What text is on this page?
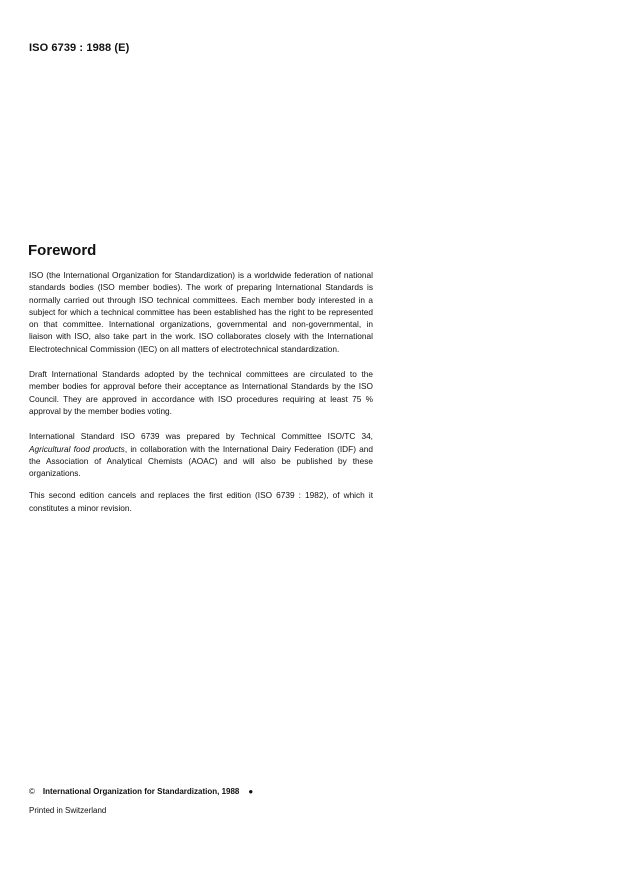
ISO 6739 : 1988 (E)
Foreword

ISO (the International Organization for Standardization) is a worldwide federation of national standards bodies (ISO member bodies). The work of preparing International Standards is normally carried out through ISO technical committees. Each member body interested in a subject for which a technical committee has been established has the right to be represented on that committee. International organizations, governmental and non-governmental, in liaison with ISO, also take part in the work. ISO collaborates closely with the International Electrotechnical Commission (IEC) on all matters of electrotechnical standardization.

Draft International Standards adopted by the technical committees are circulated to the member bodies for approval before their acceptance as International Standards by the ISO Council. They are approved in accordance with ISO procedures requiring at least 75 % approval by the member bodies voting.

International Standard ISO 6739 was prepared by Technical Committee ISO/TC 34, Agricultural food products, in collaboration with the International Dairy Federation (IDF) and the Association of Analytical Chemists (AOAC) and will also be published by these organizations.

This second edition cancels and replaces the first edition (ISO 6739 : 1982), of which it constitutes a minor revision.

© International Organization for Standardization, 1988 ●
Printed in Switzerland
